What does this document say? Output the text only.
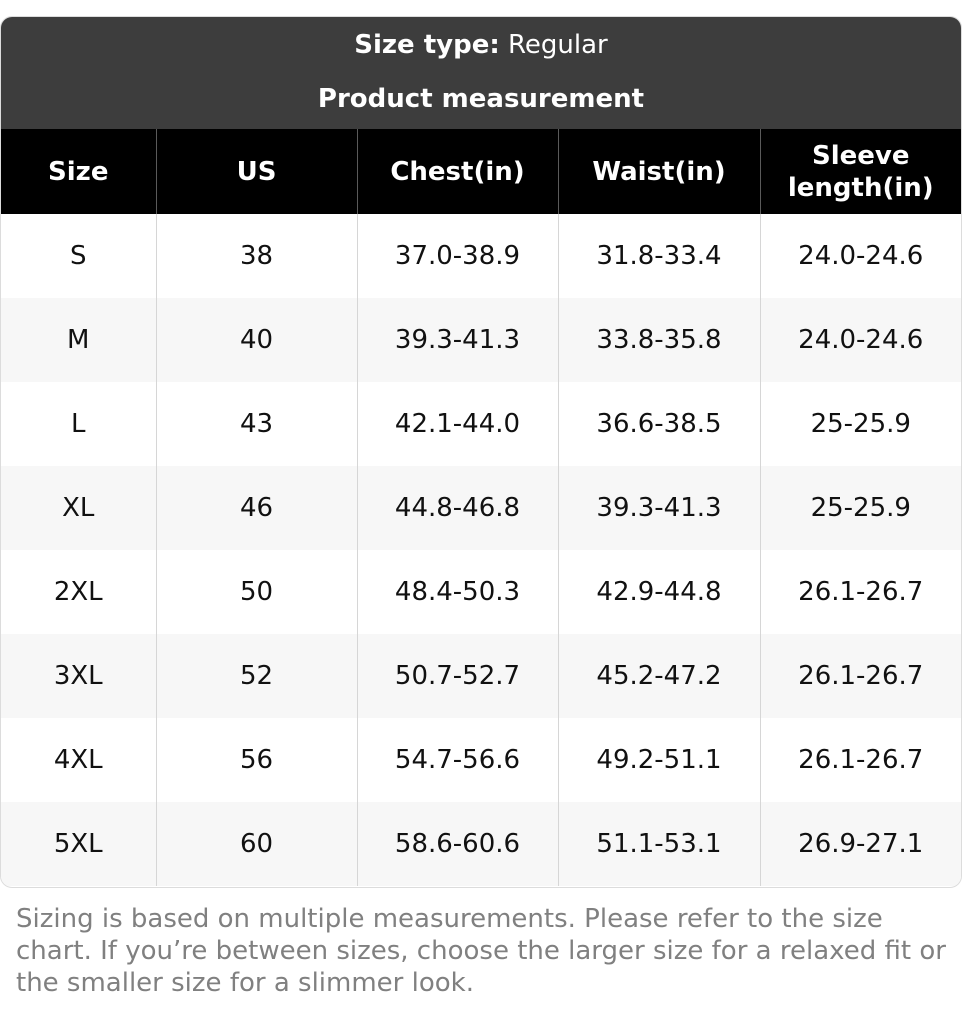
Size type: Regular
Product measurement
Size	US	Chest(in)	Waist(in)	Sleeve length(in)
S	38	37.0-38.9	31.8-33.4	24.0-24.6
M	40	39.3-41.3	33.8-35.8	24.0-24.6
L	43	42.1-44.0	36.6-38.5	25-25.9
XL	46	44.8-46.8	39.3-41.3	25-25.9
2XL	50	48.4-50.3	42.9-44.8	26.1-26.7
3XL	52	50.7-52.7	45.2-47.2	26.1-26.7
4XL	56	54.7-56.6	49.2-51.1	26.1-26.7
5XL	60	58.6-60.6	51.1-53.1	26.9-27.1
Sizing is based on multiple measurements. Please refer to the size chart. If you’re between sizes, choose the larger size for a relaxed fit or the smaller size for a slimmer look.
